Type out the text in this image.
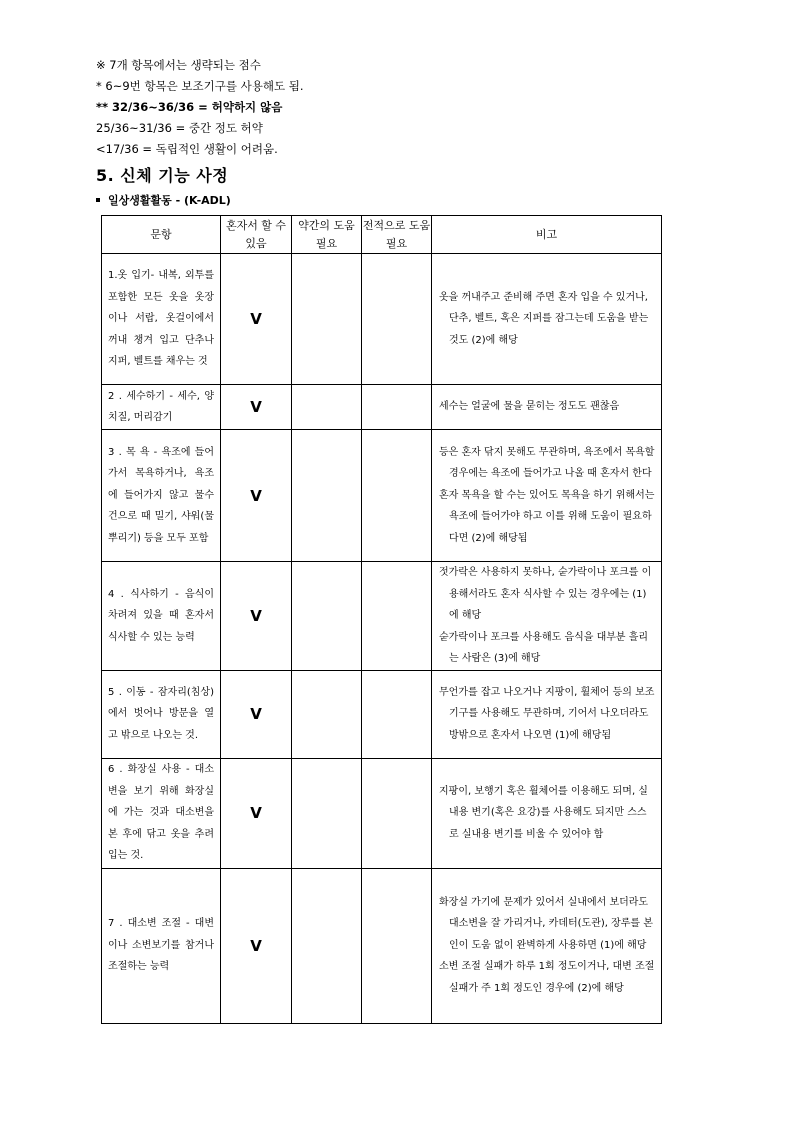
※ 7개 항목에서는 생략되는 점수
* 6~9번 항목은 보조기구를 사용해도 됨.
** 32/36~36/36 = 허약하지 않음
25/36~31/36 = 중간 정도 허약
<17/36 = 독립적인 생활이 어려움.
5. 신체 기능 사정
일상생활활동 - (K-ADL)
문항	혼자서 할 수 있음	약간의 도움 필요	전적으로 도움 필요	비고
1.옷 입기- 내복, 외투를 포함한 모든 옷을 옷장이나 서랍, 옷걸이에서 꺼내 챙겨 입고 단추나 지퍼, 벨트를 채우는 것	V			옷을 꺼내주고 준비해 주면 혼자 입을 수 있거나, 단추, 벨트, 혹은 지퍼를 잠그는데 도움을 받는 것도 (2)에 해당

2 . 세수하기 - 세수, 양치질, 머리감기	V			세수는 얼굴에 물을 묻히는 정도도 괜찮음

3 . 목 욕 - 욕조에 들어가서 목욕하거나, 욕조에 들어가지 않고 물수건으로 때 밀기, 샤워(물 뿌리기) 등을 모두 포함	V			등은 혼자 닦지 못해도 무관하며, 욕조에서 목욕할 경우에는 욕조에 들어가고 나올 때 혼자서 한다
혼자 목욕을 할 수는 있어도 목욕을 하기 위해서는 욕조에 들어가야 하고 이를 위해 도움이 필요하다면 (2)에 해당됨

4 . 식사하기 - 음식이 차려져 있을 때 혼자서 식사할 수 있는 능력	V			젓가락은 사용하지 못하나, 숟가락이나 포크를 이용해서라도 혼자 식사할 수 있는 경우에는 (1)에 해당
숟가락이나 포크를 사용해도 음식을 대부분 흘리는 사람은 (3)에 해당

5 . 이동 - 잠자리(침상)에서 벗어나 방문을 열고 밖으로 나오는 것.	V			무언가를 잡고 나오거나 지팡이, 휠체어 등의 보조 기구를 사용해도 무관하며, 기어서 나오더라도 방밖으로 혼자서 나오면 (1)에 해당됨

6 . 화장실 사용 - 대소변을 보기 위해 화장실에 가는 것과 대소변을 본 후에 닦고 옷을 추려 입는 것.	V			지팡이, 보행기 혹은 휠체어를 이용해도 되며, 실내용 변기(혹은 요강)를 사용해도 되지만 스스로 실내용 변기를 비울 수 있어야 함

7 . 대소변 조절 - 대변이나 소변보기를 참거나 조절하는 능력	V			화장실 가기에 문제가 있어서 실내에서 보더라도 대소변을 잘 가리거나, 카데터(도관), 장루를 본인이 도움 없이 완벽하게 사용하면 (1)에 해당
소변 조절 실패가 하루 1회 정도이거나, 대변 조절 실패가 주 1회 정도인 경우에 (2)에 해당
